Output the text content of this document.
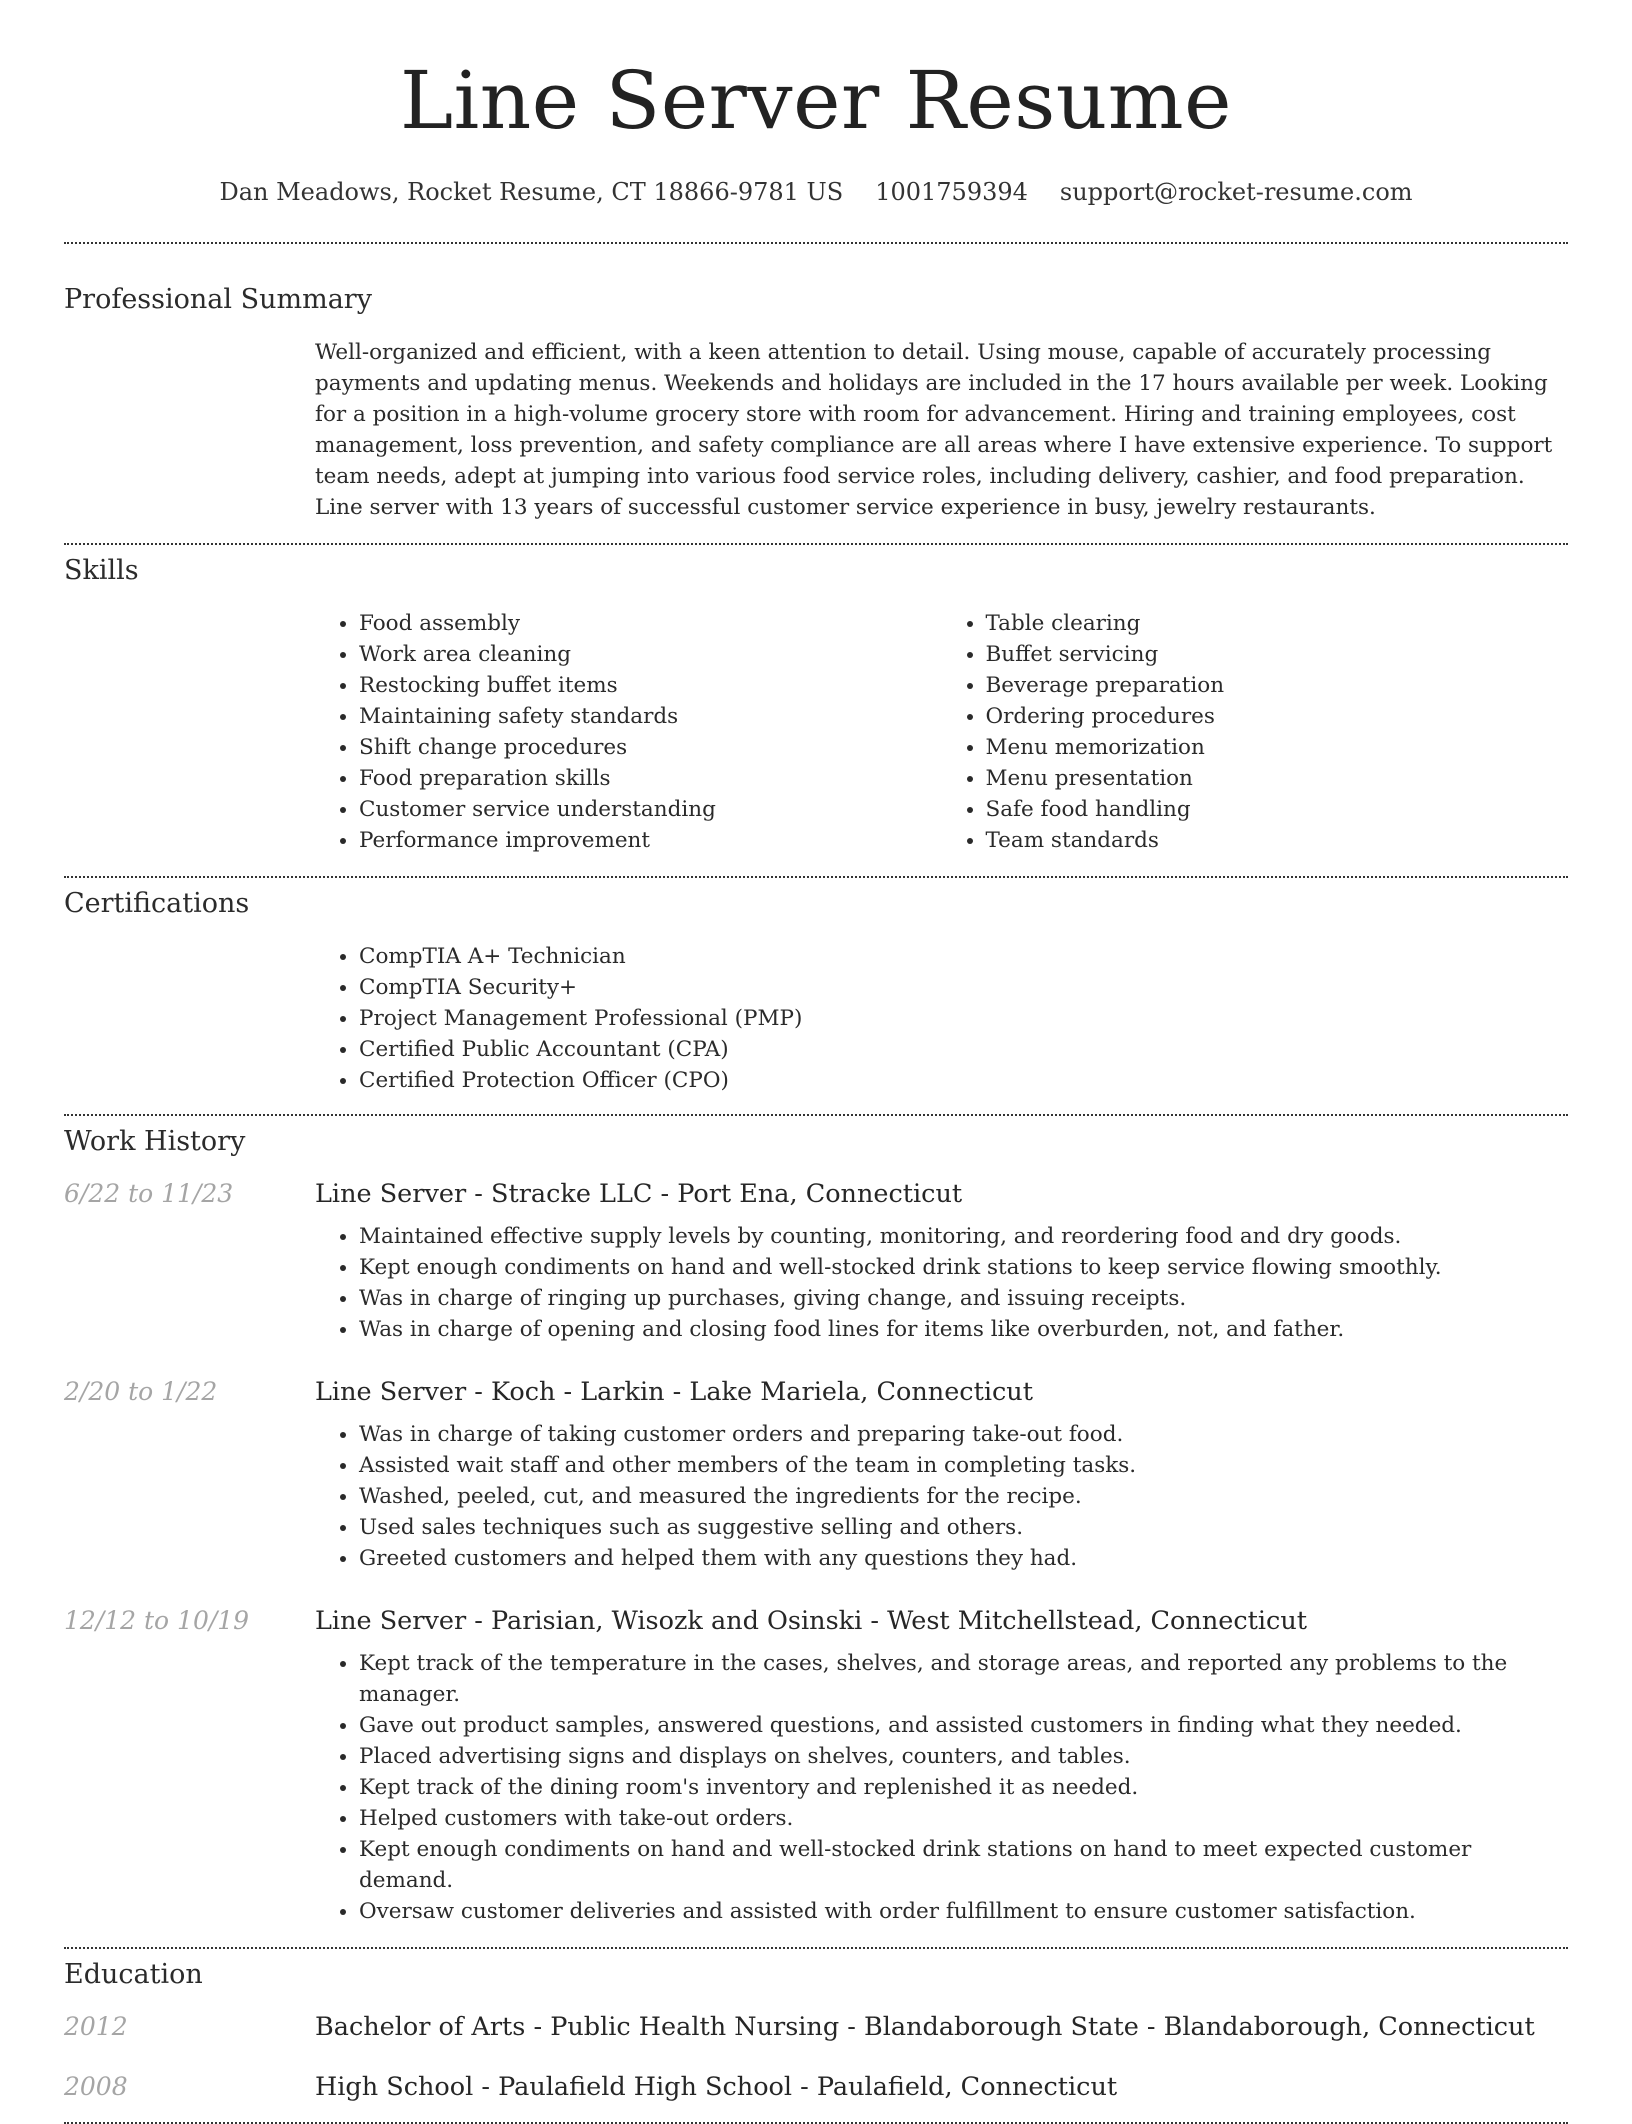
Line Server Resume
Dan Meadows, Rocket Resume, CT 18866-9781 US 1001759394 support@rocket-resume.com
Professional Summary

Well-organized and efficient, with a keen attention to detail. Using mouse, capable of accurately processing payments and updating menus. Weekends and holidays are included in the 17 hours available per week. Looking for a position in a high-volume grocery store with room for advancement. Hiring and training employees, cost management, loss prevention, and safety compliance are all areas where I have extensive experience. To support team needs, adept at jumping into various food service roles, including delivery, cashier, and food preparation. Line server with 13 years of successful customer service experience in busy, jewelry restaurants.

Skills
• Food assembly
• Work area cleaning
• Restocking buffet items
• Maintaining safety standards
• Shift change procedures
• Food preparation skills
• Customer service understanding
• Performance improvement
• Table clearing
• Buffet servicing
• Beverage preparation
• Ordering procedures
• Menu memorization
• Menu presentation
• Safe food handling
• Team standards
Certifications
• CompTIA A+ Technician
• CompTIA Security+
• Project Management Professional (PMP)
• Certified Public Accountant (CPA)
• Certified Protection Officer (CPO)
Work History
6/22 to 11/23	Line Server - Stracke LLC - Port Ena, Connecticut
• Maintained effective supply levels by counting, monitoring, and reordering food and dry goods.
• Kept enough condiments on hand and well-stocked drink stations to keep service flowing smoothly.
• Was in charge of ringing up purchases, giving change, and issuing receipts.
• Was in charge of opening and closing food lines for items like overburden, not, and father.
2/20 to 1/22	Line Server - Koch - Larkin - Lake Mariela, Connecticut
• Was in charge of taking customer orders and preparing take-out food.
• Assisted wait staff and other members of the team in completing tasks.
• Washed, peeled, cut, and measured the ingredients for the recipe.
• Used sales techniques such as suggestive selling and others.
• Greeted customers and helped them with any questions they had.
12/12 to 10/19	Line Server - Parisian, Wisozk and Osinski - West Mitchellstead, Connecticut
• Kept track of the temperature in the cases, shelves, and storage areas, and reported any problems to the manager.
• Gave out product samples, answered questions, and assisted customers in finding what they needed.
• Placed advertising signs and displays on shelves, counters, and tables.
• Kept track of the dining room's inventory and replenished it as needed.
• Helped customers with take-out orders.
• Kept enough condiments on hand and well-stocked drink stations on hand to meet expected customer demand.
• Oversaw customer deliveries and assisted with order fulfillment to ensure customer satisfaction.
Education
2012	Bachelor of Arts - Public Health Nursing - Blandaborough State - Blandaborough, Connecticut
2008	High School - Paulafield High School - Paulafield, Connecticut
